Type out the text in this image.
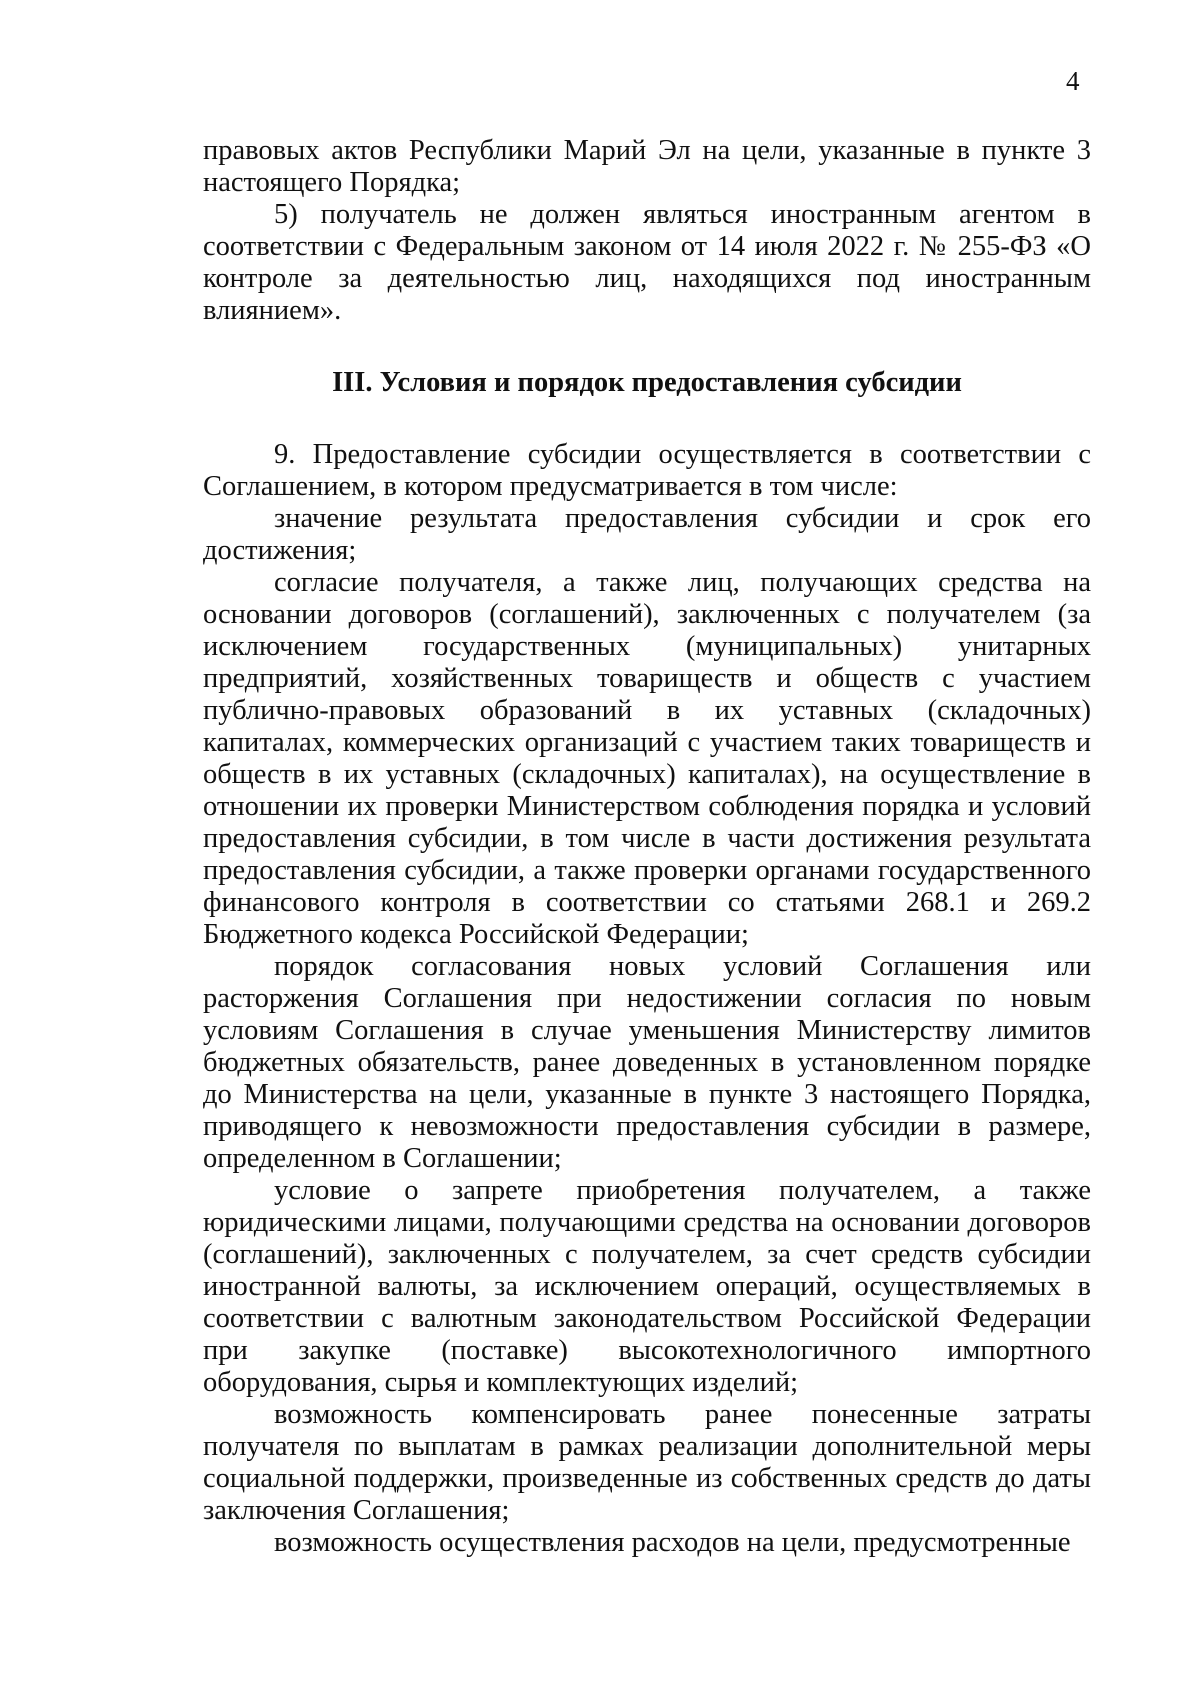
4

правовых актов Республики Марий Эл на цели, указанные в пункте 3 настоящего Порядка;

5) получатель не должен являться иностранным агентом в соответствии с Федеральным законом от 14 июля 2022 г. № 255-ФЗ «О контроле за деятельностью лиц, находящихся под иностранным влиянием».

III. Условия и порядок предоставления субсидии

9. Предоставление субсидии осуществляется в соответствии с Соглашением, в котором предусматривается в том числе:

значение результата предоставления субсидии и срок его достижения;

согласие получателя, а также лиц, получающих средства на основании договоров (соглашений), заключенных с получателем (за исключением государственных (муниципальных) унитарных предприятий, хозяйственных товариществ и обществ с участием публично-правовых образований в их уставных (складочных) капиталах, коммерческих организаций с участием таких товариществ и обществ в их уставных (складочных) капиталах), на осуществление в отношении их проверки Министерством соблюдения порядка и условий предоставления субсидии, в том числе в части достижения результата предоставления субсидии, а также проверки органами государственного финансового контроля в соответствии со статьями 268.1 и 269.2 Бюджетного кодекса Российской Федерации;

порядок согласования новых условий Соглашения или расторжения Соглашения при недостижении согласия по новым условиям Соглашения в случае уменьшения Министерству лимитов бюджетных обязательств, ранее доведенных в установленном порядке до Министерства на цели, указанные в пункте 3 настоящего Порядка, приводящего к невозможности предоставления субсидии в размере, определенном в Соглашении;

условие о запрете приобретения получателем, а также юридическими лицами, получающими средства на основании договоров (соглашений), заключенных с получателем, за счет средств субсидии иностранной валюты, за исключением операций, осуществляемых в соответствии с валютным законодательством Российской Федерации при закупке (поставке) высокотехнологичного импортного оборудования, сырья и комплектующих изделий;

возможность компенсировать ранее понесенные затраты получателя по выплатам в рамках реализации дополнительной меры социальной поддержки, произведенные из собственных средств до даты заключения Соглашения;

возможность осуществления расходов на цели, предусмотренные
